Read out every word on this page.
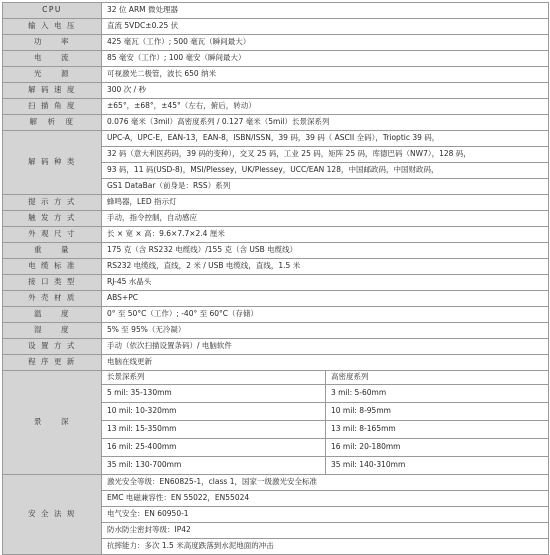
CPU	32 位 ARM 微处理器	
输 入 电 压	直流 5VDC±0.25 伏	
功　　率	425 毫瓦（工作）; 500 毫瓦（瞬间最大）	
电　　流	85 毫安（工作）; 100 毫安（瞬间最大）	
光　　源	可视激光二极管，波长 650 纳米	
解 码 速 度	300 次 / 秒	
扫 描 角 度	±65°，±68°，±45°（左右，俯后，转动）	
解　析　度	0.076 毫米（3mil）高密度系列 / 0.127 毫米（5mil）长景深系列	
解 码 种 类	UPC-A，UPC-E，EAN-13，EAN-8，ISBN/ISSN，39 码，39 码（ ASCII 全码），Trioptic 39 码，	
	32 码（意大利医药码，39 码的变种），交叉 25 码，工业 25 码，矩阵 25 码，库德巴码（NW7），128 码，	
	93 码，11 码(USD-8)，MSI/Plessey，UK/Plessey，UCC/EAN 128，中国邮政码，中国财政码，	
	GS1 DataBar（前身是：RSS）系列	
提 示 方 式	蜂鸣器，LED 指示灯	
触 发 方 式	手动，指令控制，自动感应	
外 观 尺 寸	长 × 宽 × 高：9.6×7.7×2.4 厘米	
重　　量	175 克（含 RS232 电缆线）/155 克（含 USB 电缆线）	
电 缆 标 准	RS232 电缆线，直线，2 米 / USB 电缆线，直线，1.5 米	
接 口 类 型	RJ-45 水晶头	
外 壳 材 质	ABS+PC	
温　　度	0° 至 50°C（工作）; -40° 至 60°C（存储）	
湿　　度	5% 至 95%（无冷凝）	
设 置 方 式	手动（依次扫描设置条码）/ 电脑软件	
程 序 更 新	电脑在线更新	
景　　深	长景深系列	高密度系列
	5 mil: 35-130mm	3 mil: 5-60mm
	10 mil: 10-320mm	10 mil: 8-95mm
	13 mil: 15-350mm	13 mil: 8-165mm
	16 mil: 25-400mm	16 mil: 20-180mm
	35 mil: 130-700mm	35 mil: 140-310mm
安 全 法 规	激光安全等级：EN60825-1，class 1，国家一级激光安全标准	
	EMC 电磁兼容性：EN 55022，EN55024	
	电气安全：EN 60950-1	
	防水防尘密封等级：IP42	
	抗摔能力：多次 1.5 米高度跌落到水泥地面的冲击	
